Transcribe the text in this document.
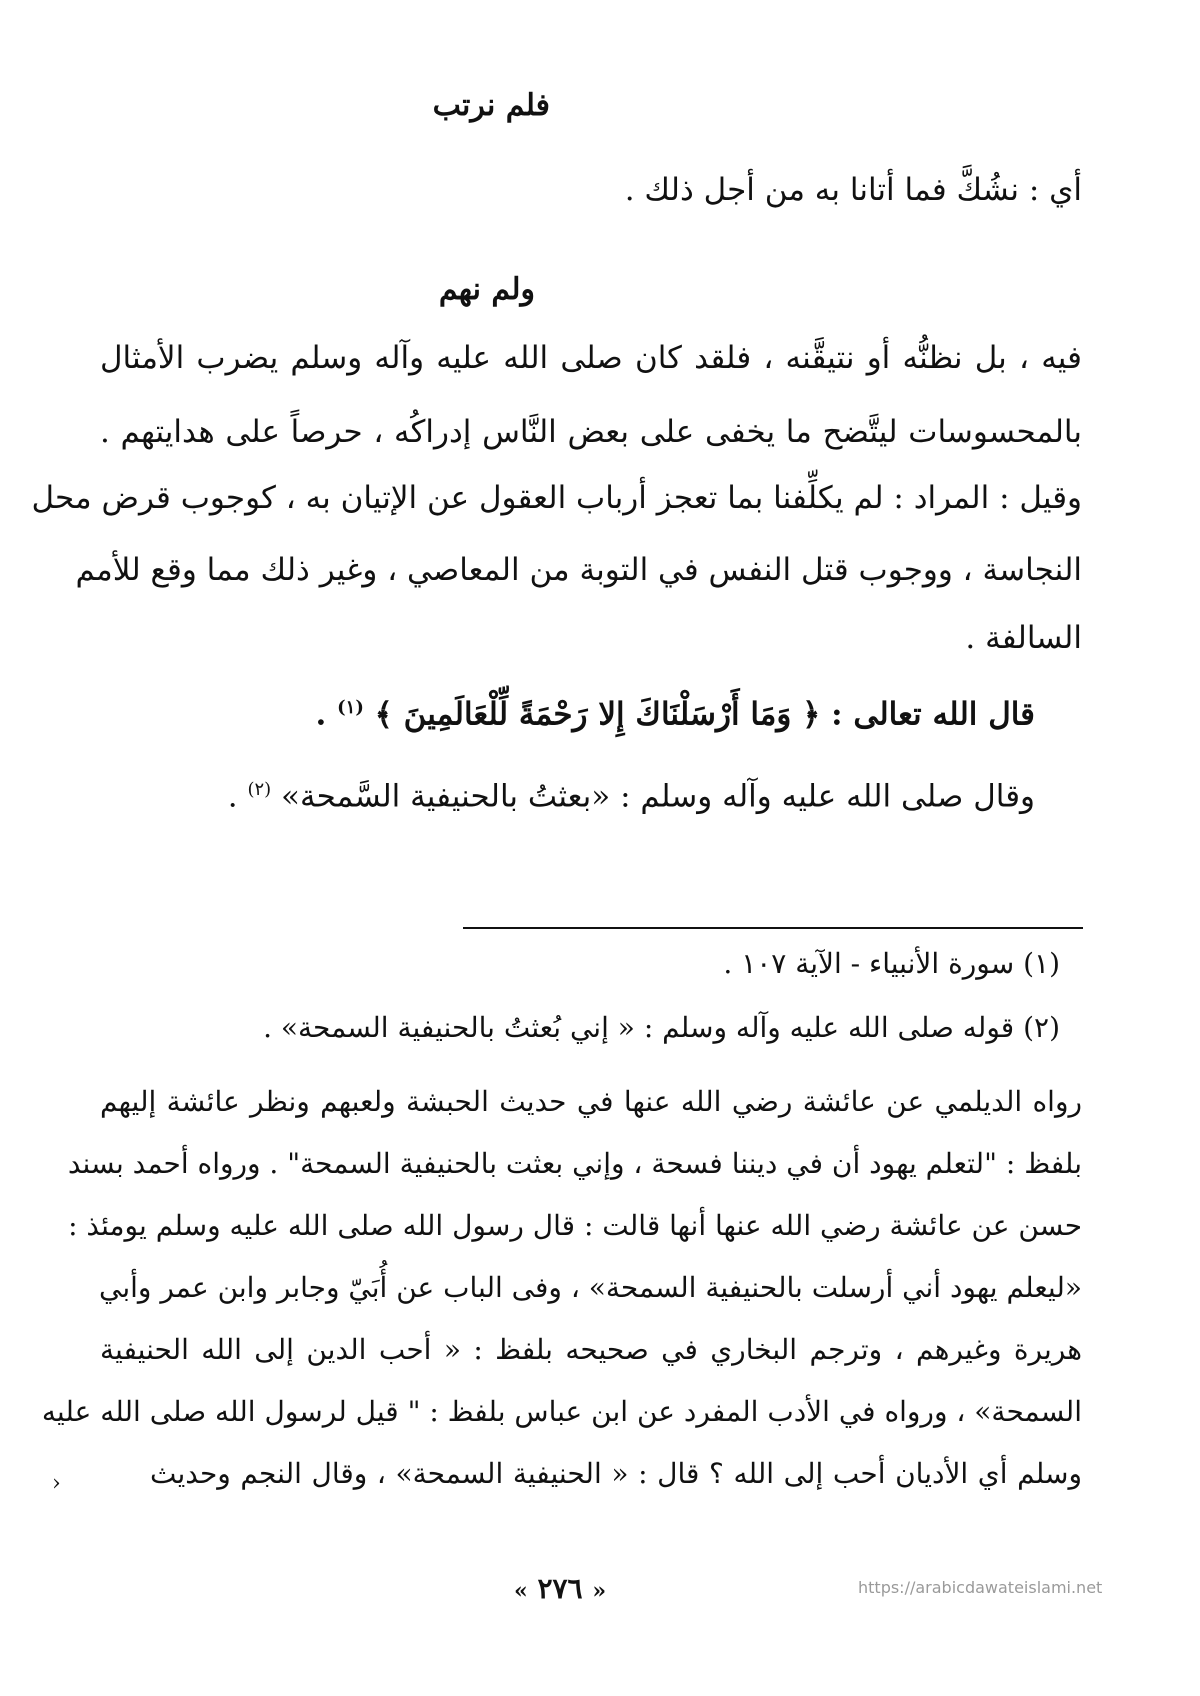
فلم نرتب
أي : نشُكَّ فما أتانا به من أجل ذلك .
ولم نهم
فيه ، بل نظنُّه أو نتيقَّنه ، فلقد كان صلى الله عليه وآله وسلم يضرب الأمثال
بالمحسوسات ليتَّضح ما يخفى على بعض النَّاس إدراكُه ، حرصاً على هدايتهم .
وقيل : المراد : لم يكلِّفنا بما تعجز أرباب العقول عن الإتيان به ، كوجوب قرض محل
النجاسة ، ووجوب قتل النفس في التوبة من المعاصي ، وغير ذلك مما وقع للأمم
السالفة .
قال الله تعالى : ﴿ وَمَا أَرْسَلْنَاكَ إِلا رَحْمَةً لِّلْعَالَمِينَ ﴾ $^{(١)}$ .
وقال صلى الله عليه وآله وسلم : «بعثتُ بالحنيفية السَّمحة» $^{(٢)}$ .
(١) سورة الأنبياء - الآية ١٠٧ .
(٢) قوله صلى الله عليه وآله وسلم : « إني بُعثتُ بالحنيفية السمحة» .
رواه الديلمي عن عائشة رضي الله عنها في حديث الحبشة ولعبهم ونظر عائشة إليهم
بلفظ : "لتعلم يهود أن في ديننا فسحة ، وإني بعثت بالحنيفية السمحة" . ورواه أحمد بسند
حسن عن عائشة رضي الله عنها أنها قالت : قال رسول الله صلى الله عليه وسلم يومئذ :
«ليعلم يهود أني أرسلت بالحنيفية السمحة» ، وفى الباب عن أُبَيّ وجابر وابن عمر وأبي
هريرة وغيرهم ، وترجم البخاري في صحيحه بلفظ : « أحب الدين إلى الله الحنيفية
السمحة» ، ورواه في الأدب المفرد عن ابن عباس بلفظ : " قيل لرسول الله صلى الله عليه
وسلم أي الأديان أحب إلى الله ؟ قال : « الحنيفية السمحة» ، وقال النجم وحديث
›
« ٢٧٦ »	https://arabicdawateislami.net
